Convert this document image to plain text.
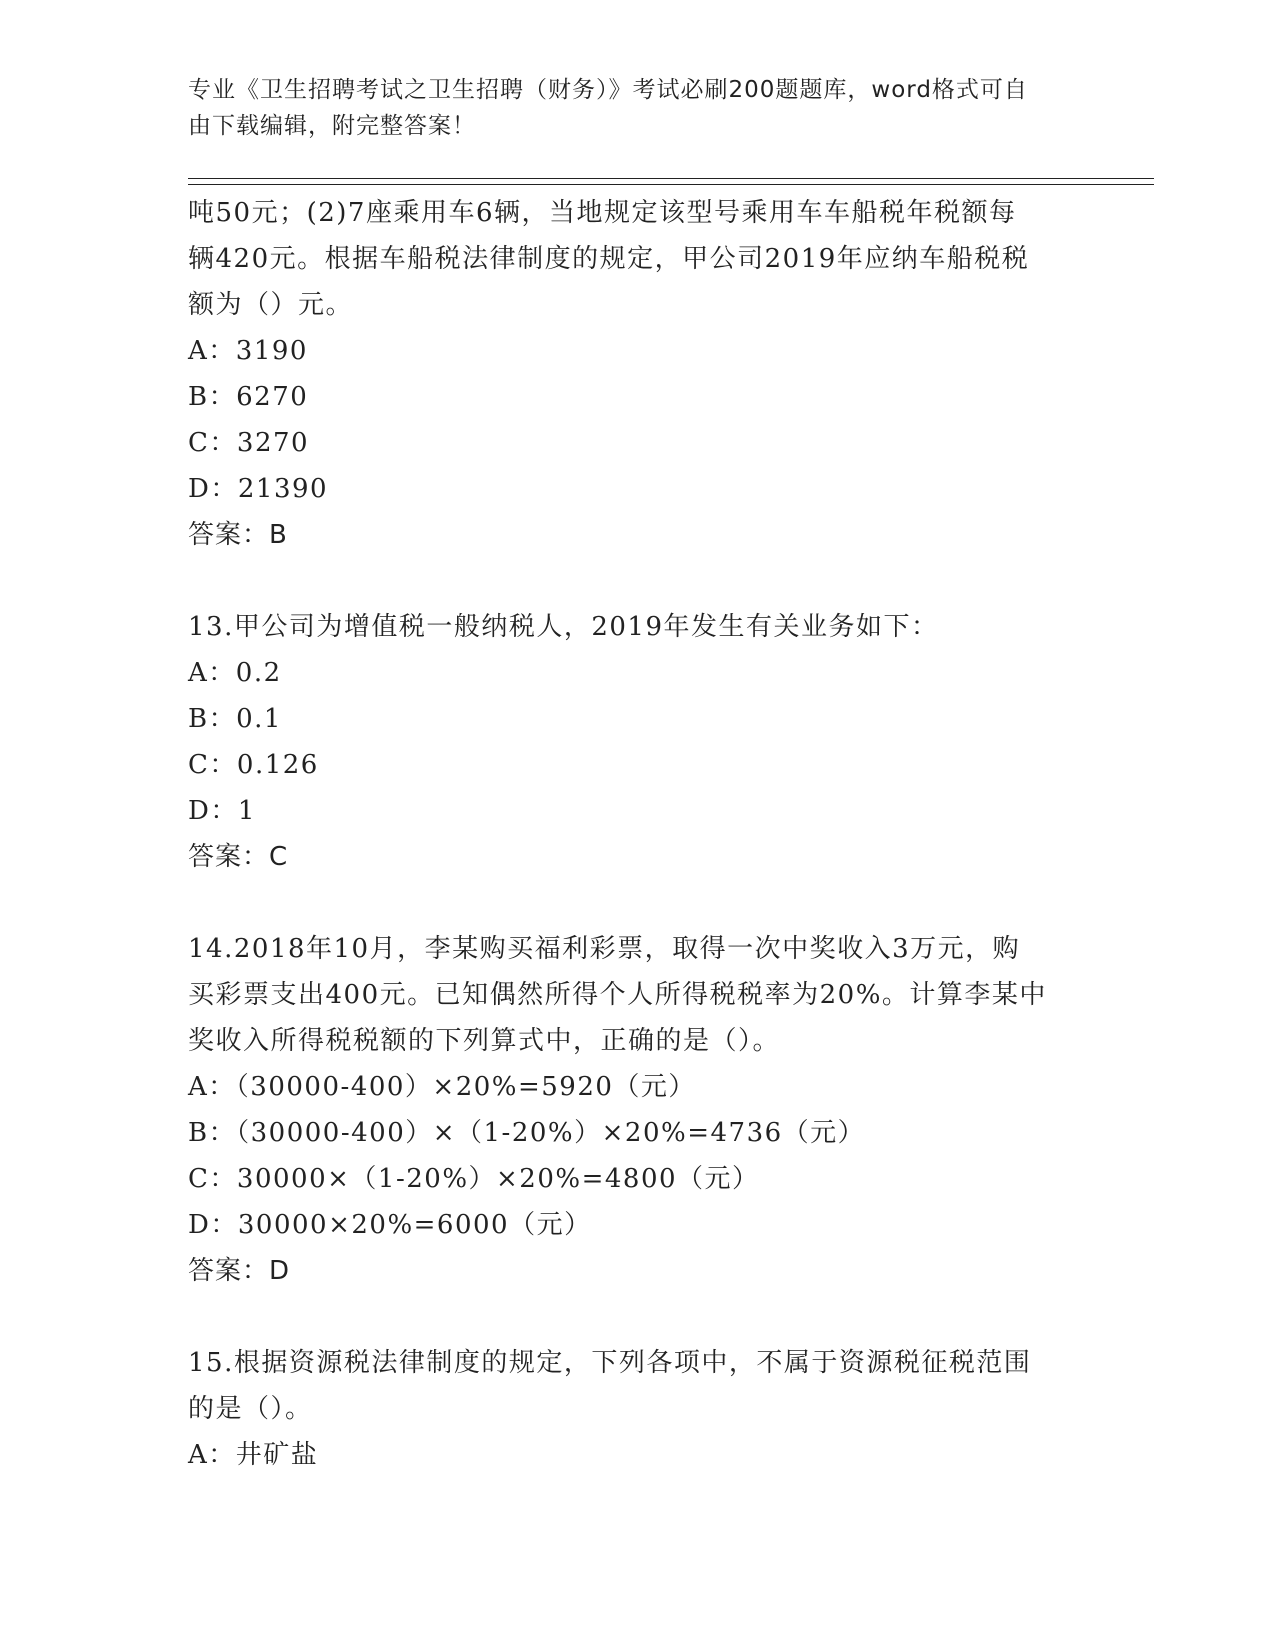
专业《卫生招聘考试之卫生招聘（财务）》考试必刷200题题库，word格式可自
由下载编辑，附完整答案！
吨50元；(2)7座乘用车6辆，当地规定该型号乘用车车船税年税额每
辆420元。根据车船税法律制度的规定，甲公司2019年应纳车船税税
额为（）元。
A：3190
B：6270
C：3270
D：21390
答案：B
13.甲公司为增值税一般纳税人，2019年发生有关业务如下：
A：0.2
B：0.1
C：0.126
D：1
答案：C
14.2018年10月，李某购买福利彩票，取得一次中奖收入3万元，购
买彩票支出400元。已知偶然所得个人所得税税率为20%。计算李某中
奖收入所得税税额的下列算式中，正确的是（）。
A：（30000-400）×20%=5920（元）
B：（30000-400）×（1-20%）×20%=4736（元）
C：30000×（1-20%）×20%=4800（元）
D：30000×20%=6000（元）
答案：D
15.根据资源税法律制度的规定，下列各项中，不属于资源税征税范围
的是（）。
A：井矿盐
